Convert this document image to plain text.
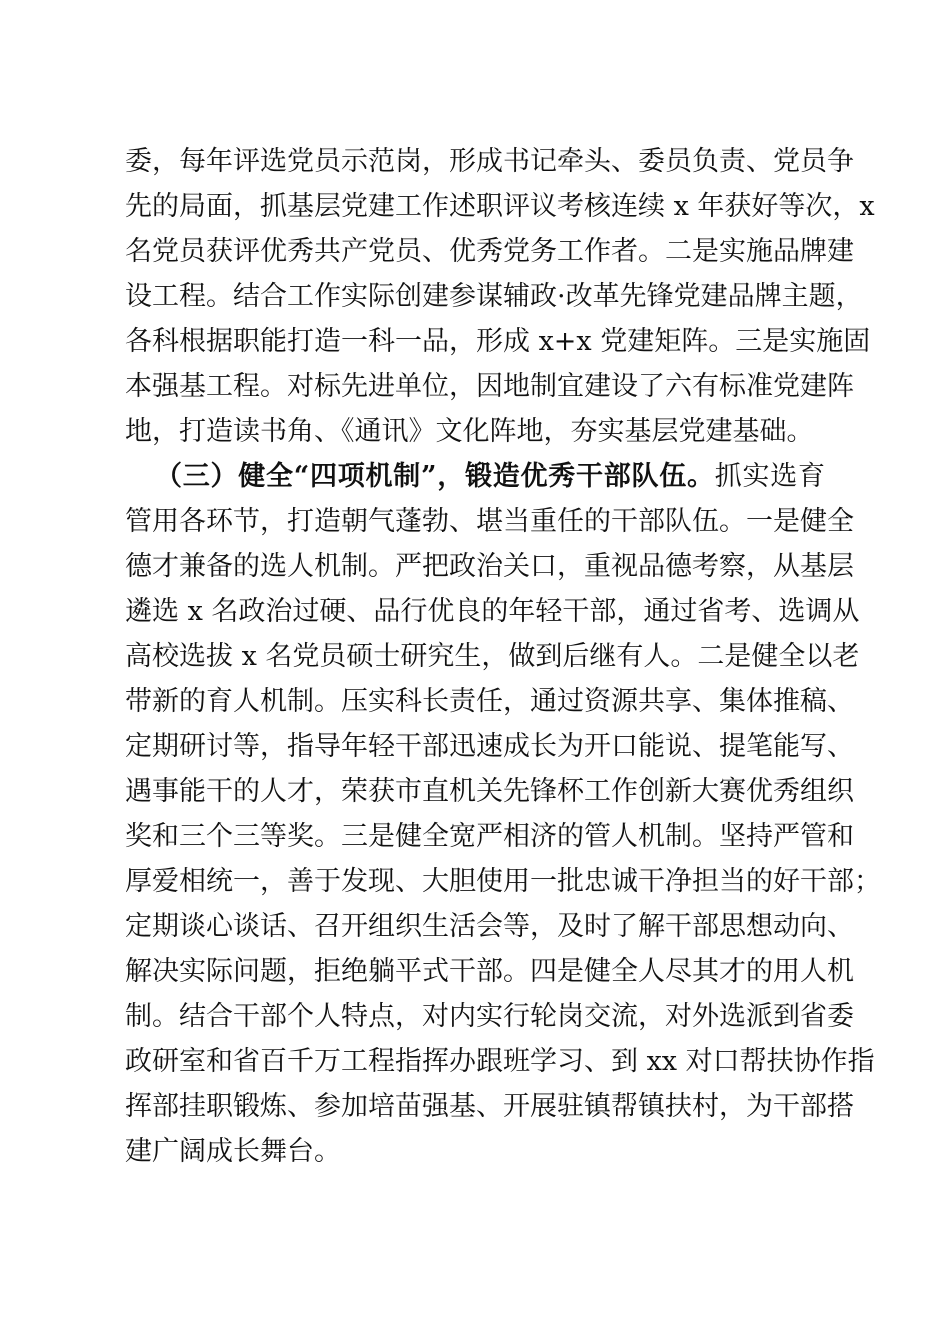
委，每年评选党员示范岗，形成书记牵头、委员负责、党员争
先的局面，抓基层党建工作述职评议考核连续 x 年获好等次，x
名党员获评优秀共产党员、优秀党务工作者。二是实施品牌建
设工程。结合工作实际创建参谋辅政·改革先锋党建品牌主题，
各科根据职能打造一科一品，形成 x+x 党建矩阵。三是实施固
本强基工程。对标先进单位，因地制宜建设了六有标准党建阵
地，打造读书角、《通讯》文化阵地，夯实基层党建基础。
（三）健全“四项机制”，锻造优秀干部队伍。抓实选育
管用各环节，打造朝气蓬勃、堪当重任的干部队伍。一是健全
德才兼备的选人机制。严把政治关口，重视品德考察，从基层
遴选 x 名政治过硬、品行优良的年轻干部，通过省考、选调从
高校选拔 x 名党员硕士研究生，做到后继有人。二是健全以老
带新的育人机制。压实科长责任，通过资源共享、集体推稿、
定期研讨等，指导年轻干部迅速成长为开口能说、提笔能写、
遇事能干的人才，荣获市直机关先锋杯工作创新大赛优秀组织
奖和三个三等奖。三是健全宽严相济的管人机制。坚持严管和
厚爱相统一，善于发现、大胆使用一批忠诚干净担当的好干部；
定期谈心谈话、召开组织生活会等，及时了解干部思想动向、
解决实际问题，拒绝躺平式干部。四是健全人尽其才的用人机
制。结合干部个人特点，对内实行轮岗交流，对外选派到省委
政研室和省百千万工程指挥办跟班学习、到 xx 对口帮扶协作指
挥部挂职锻炼、参加培苗强基、开展驻镇帮镇扶村，为干部搭
建广阔成长舞台。
